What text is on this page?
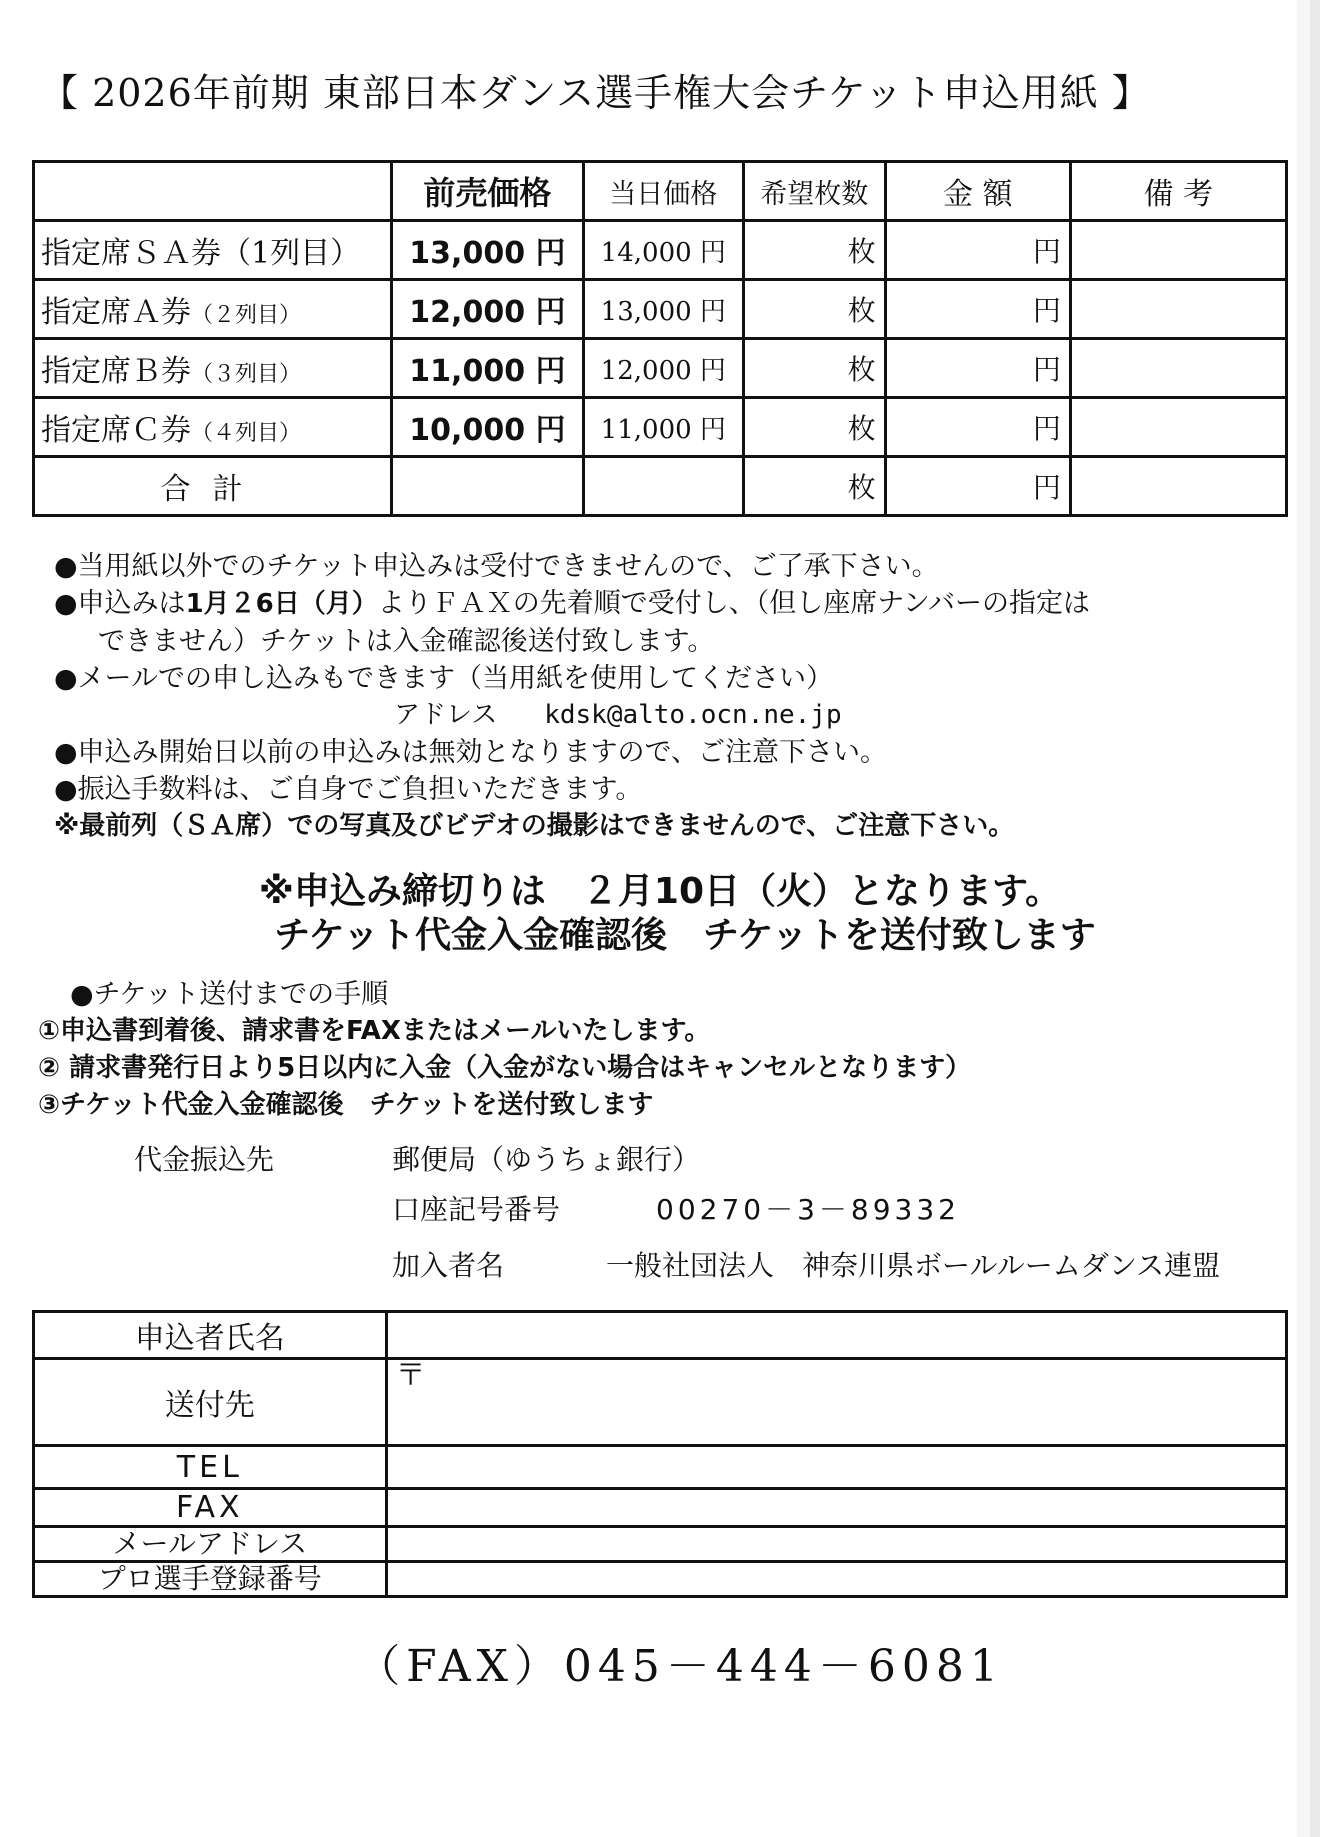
【 2026年前期 東部日本ダンス選手権大会チケット申込用紙 】
	前売価格	当日価格	希望枚数	金 額	備 考
指定席ＳＡ券（1列目）	13,000 円	14,000 円	枚	円	
指定席Ａ券（２列目）	12,000 円	13,000 円	枚	円	
指定席Ｂ券（３列目）	11,000 円	12,000 円	枚	円	
指定席Ｃ券（４列目）	10,000 円	11,000 円	枚	円	
合計			枚	円	
●当用紙以外でのチケット申込みは受付できませんので、ご了承下さい。
●申込みは1月２6日（月）よりＦＡＸの先着順で受付し、（但し座席ナンバーの指定は
できません）チケットは入金確認後送付致します。
●メールでの申し込みもできます（当用紙を使用してください）
アドレス kdsk@alto.ocn.ne.jp
●申込み開始日以前の申込みは無効となりますので、ご注意下さい。
●振込手数料は、ご自身でご負担いただきます。
※最前列（ＳＡ席）での写真及びビデオの撮影はできませんので、ご注意下さい。
※申込み締切りは　２月10日（火）となります。
チケット代金入金確認後　チケットを送付致します
●チケット送付までの手順
①申込書到着後、請求書をFAXまたはメールいたします。
② 請求書発行日より5日以内に入金（入金がない場合はキャンセルとなります）
③チケット代金入金確認後　チケットを送付致します
代金振込先	郵便局（ゆうちょ銀行）
口座記号番号	00270－3－89332
加入者名	一般社団法人　神奈川県ボールルームダンス連盟
申込者氏名	
送付先	〒

TEL	
FAX	
メールアドレス	
プロ選手登録番号	
（FAX）045－444－6081
